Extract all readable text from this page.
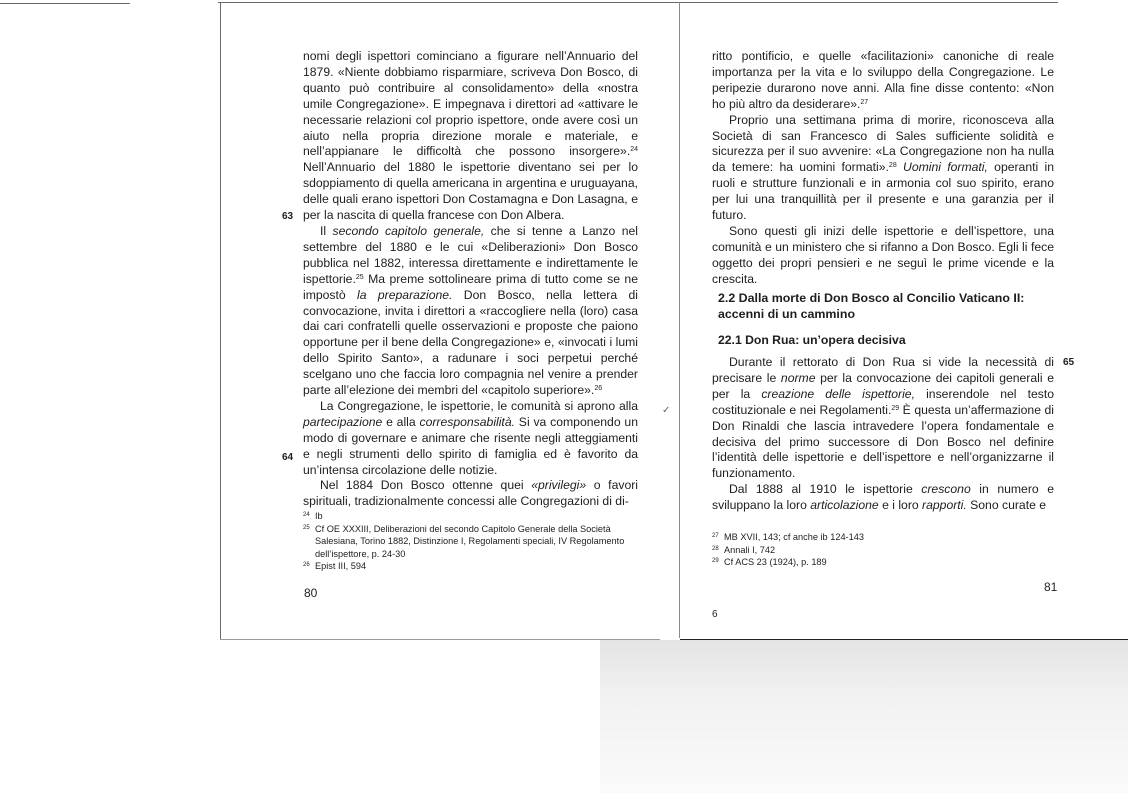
nomi degli ispettori cominciano a figurare nell’Annuario del 1879. «Niente dobbiamo risparmiare, scriveva Don Bosco, di quanto può contribuire al consolidamento» della «nostra umile Congregazione». E impegnava i direttori ad «attivare le necessarie relazioni col proprio ispettore, onde avere così un aiuto nella propria direzione morale e materiale, e nell’appianare le difficoltà che possono insorgere».$^{24}$ Nell’Annuario del 1880 le ispettorie diventano sei per lo sdoppiamento di quella americana in argentina e uruguayana, delle quali erano ispettori Don Costamagna e Don Lasagna, e per la nascita di quella francese con Don Albera.

Il secondo capitolo generale, che si tenne a Lanzo nel settembre del 1880 e le cui «Deliberazioni» Don Bosco pubblica nel 1882, interessa direttamente e indirettamente le ispettorie.$^{25}$ Ma preme sottolineare prima di tutto come se ne impostò la preparazione. Don Bosco, nella lettera di convocazione, invita i direttori a «raccogliere nella (loro) casa dai cari confratelli quelle osservazioni e proposte che paiono opportune per il bene della Congregazione» e, «invocati i lumi dello Spirito Santo», a radunare i soci perpetui perché scelgano uno che faccia loro compagnia nel venire a prender parte all’elezione dei membri del «capitolo superiore».$^{26}$

La Congregazione, le ispettorie, le comunità si aprono alla partecipazione e alla corresponsabilità. Si va componendo un modo di governare e animare che risente negli atteggiamenti e negli strumenti dello spirito di famiglia ed è favorito da un’intensa circolazione delle notizie.

Nel 1884 Don Bosco ottenne quei «privilegi» o favori spirituali, tradizionalmente concessi alle Congregazioni di di-

63
64
✓
24 Ib
25 Cf OE XXXIII, Deliberazioni del secondo Capitolo Generale della Società Salesiana, Torino 1882, Distinzione I, Regolamenti speciali, IV Regolamento dell’ispettore, p. 24-30
26 Epist III, 594
80

ritto pontificio, e quelle «facilitazioni» canoniche di reale importanza per la vita e lo sviluppo della Congregazione. Le peripezie durarono nove anni. Alla fine disse contento: «Non ho più altro da desiderare».$^{27}$

Proprio una settimana prima di morire, riconosceva alla Società di san Francesco di Sales sufficiente solidità e sicurezza per il suo avvenire: «La Congregazione non ha nulla da temere: ha uomini formati».$^{28}$ Uomini formati, operanti in ruoli e strutture funzionali e in armonia col suo spirito, erano per lui una tranquillità per il presente e una garanzia per il futuro.

Sono questi gli inizi delle ispettorie e dell’ispettore, una comunità e un ministero che si rifanno a Don Bosco. Egli li fece oggetto dei propri pensieri e ne seguì le prime vicende e la crescita.

2.2 Dalla morte di Don Bosco al Concilio Vaticano II: accenni di un cammino
22.1 Don Rua: un’opera decisiva

Durante il rettorato di Don Rua si vide la necessità di precisare le norme per la convocazione dei capitoli generali e per la creazione delle ispettorie, inserendole nel testo costituzionale e nei Regolamenti.$^{29}$ È questa un’affermazione di Don Rinaldi che lascia intravedere l’opera fondamentale e decisiva del primo successore di Don Bosco nel definire l’identità delle ispettorie e dell’ispettore e nell’organizzarne il funzionamento.

Dal 1888 al 1910 le ispettorie crescono in numero e sviluppano la loro articolazione e i loro rapporti. Sono curate e

65
27 MB XVII, 143; cf anche ib 124-143
28 Annali I, 742
29 Cf ACS 23 (1924), p. 189
81
6
